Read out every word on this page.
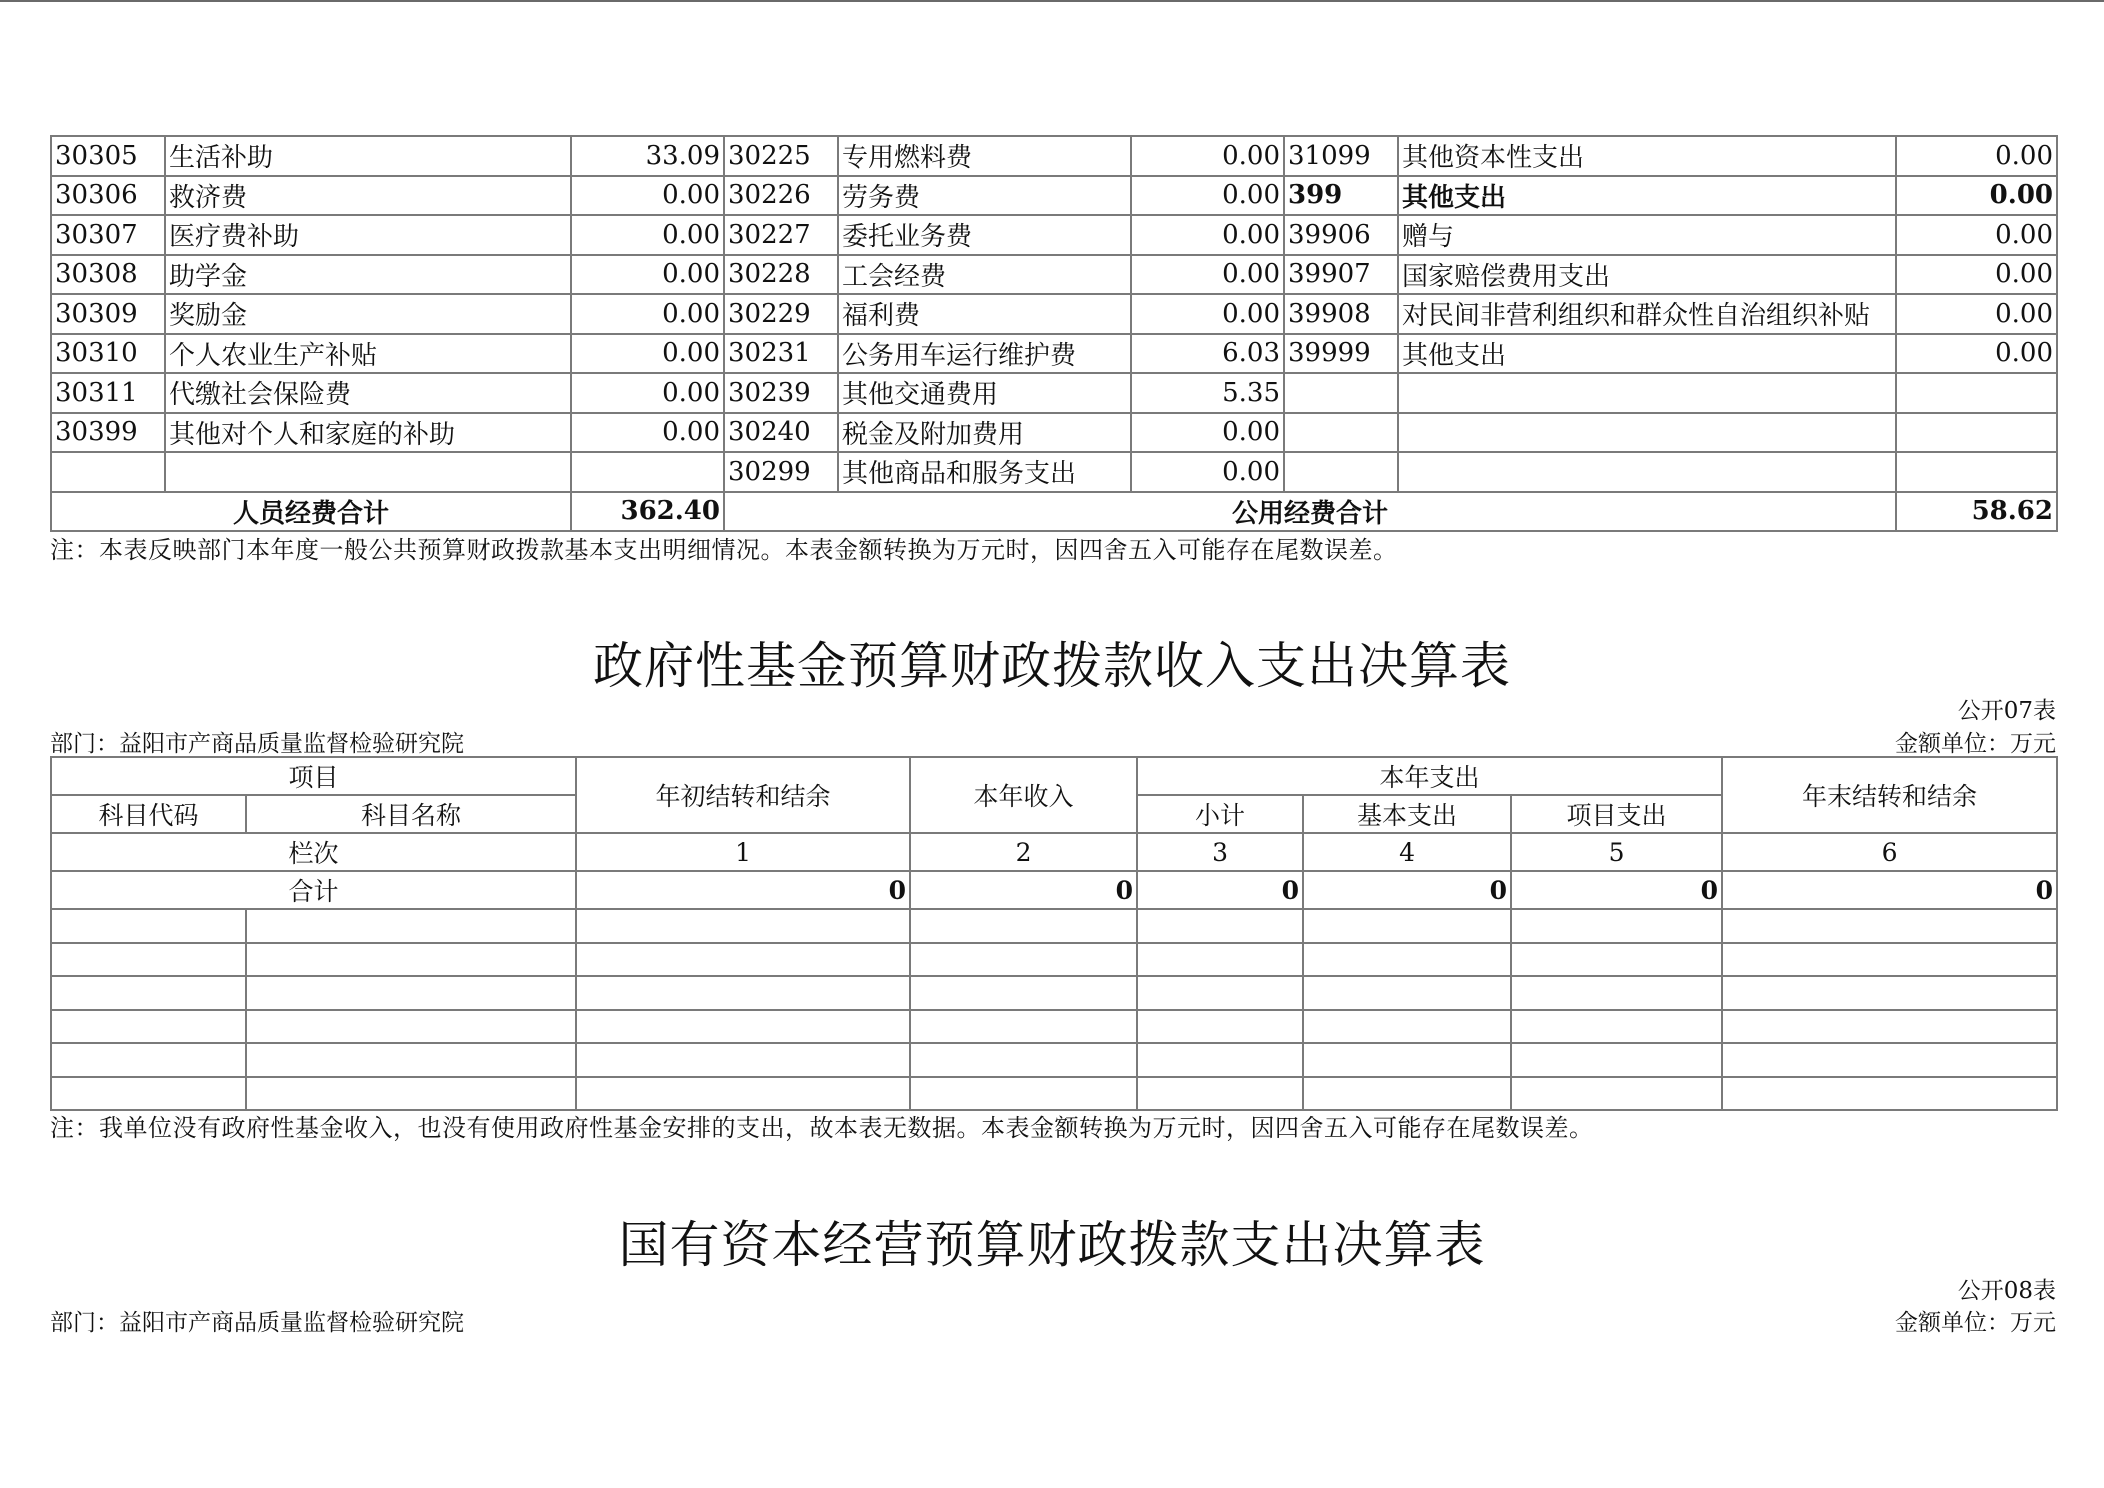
30305	生活补助	33.09	30225	专用燃料费	0.00	31099	其他资本性支出	0.00
30306	救济费	0.00	30226	劳务费	0.00	399	其他支出	0.00
30307	医疗费补助	0.00	30227	委托业务费	0.00	39906	赠与	0.00
30308	助学金	0.00	30228	工会经费	0.00	39907	国家赔偿费用支出	0.00
30309	奖励金	0.00	30229	福利费	0.00	39908	对民间非营利组织和群众性自治组织补贴	0.00
30310	个人农业生产补贴	0.00	30231	公务用车运行维护费	6.03	39999	其他支出	0.00
30311	代缴社会保险费	0.00	30239	其他交通费用	5.35			
30399	其他对个人和家庭的补助	0.00	30240	税金及附加费用	0.00			
			30299	其他商品和服务支出	0.00			
人员经费合计		362.40	公用经费合计					58.62
注：本表反映部门本年度一般公共预算财政拨款基本支出明细情况。本表金额转换为万元时，因四舍五入可能存在尾数误差。
政府性基金预算财政拨款收入支出决算表
公开07表
部门：益阳市产商品质量监督检验研究院	金额单位：万元
项目		年初结转和结余	本年收入	本年支出			年末结转和结余
科目代码	科目名称			小计	基本支出	项目支出	
栏次		1	2	3	4	5	6
合计		0	0	0	0	0	0

注：我单位没有政府性基金收入，也没有使用政府性基金安排的支出，故本表无数据。本表金额转换为万元时，因四舍五入可能存在尾数误差。
国有资本经营预算财政拨款支出决算表
公开08表
部门：益阳市产商品质量监督检验研究院	金额单位：万元
